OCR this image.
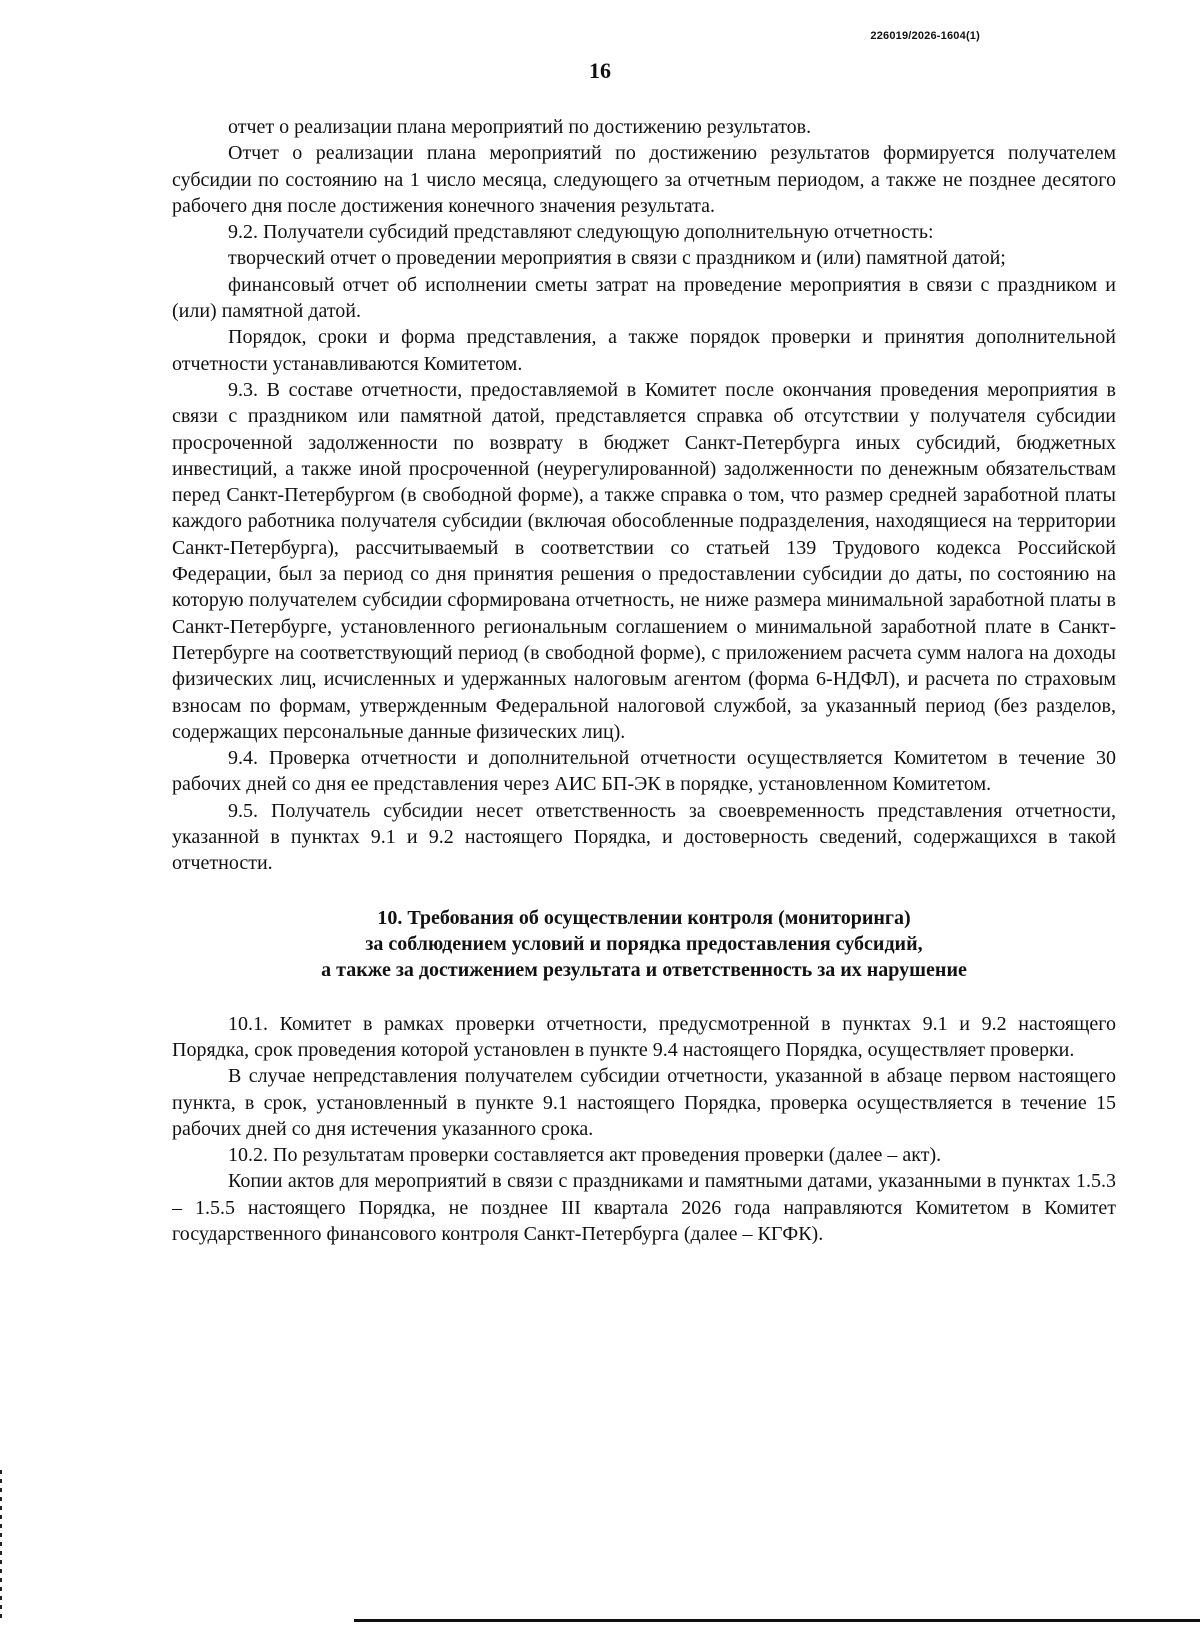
226019/2026-1604(1)
16

отчет о реализации плана мероприятий по достижению результатов.

Отчет о реализации плана мероприятий по достижению результатов формируется получателем субсидии по состоянию на 1 число месяца, следующего за отчетным периодом, а также не позднее десятого рабочего дня после достижения конечного значения результата.

9.2. Получатели субсидий представляют следующую дополнительную отчетность:

творческий отчет о проведении мероприятия в связи с праздником и (или) памятной датой;

финансовый отчет об исполнении сметы затрат на проведение мероприятия в связи с праздником и (или) памятной датой.

Порядок, сроки и форма представления, а также порядок проверки и принятия дополнительной отчетности устанавливаются Комитетом.

9.3. В составе отчетности, предоставляемой в Комитет после окончания проведения мероприятия в связи с праздником или памятной датой, представляется справка об отсутствии у получателя субсидии просроченной задолженности по возврату в бюджет Санкт-Петербурга иных субсидий, бюджетных инвестиций, а также иной просроченной (неурегулированной) задолженности по денежным обязательствам перед Санкт-Петербургом (в свободной форме), а также справка о том, что размер средней заработной платы каждого работника получателя субсидии (включая обособленные подразделения, находящиеся на территории Санкт-Петербурга), рассчитываемый в соответствии со статьей 139 Трудового кодекса Российской Федерации, был за период со дня принятия решения о предоставлении субсидии до даты, по состоянию на которую получателем субсидии сформирована отчетность, не ниже размера минимальной заработной платы в Санкт-Петербурге, установленного региональным соглашением о минимальной заработной плате в Санкт-Петербурге на соответствующий период (в свободной форме), с приложением расчета сумм налога на доходы физических лиц, исчисленных и удержанных налоговым агентом (форма 6-НДФЛ), и расчета по страховым взносам по формам, утвержденным Федеральной налоговой службой, за указанный период (без разделов, содержащих персональные данные физических лиц).

9.4. Проверка отчетности и дополнительной отчетности осуществляется Комитетом в течение 30 рабочих дней со дня ее представления через АИС БП-ЭК в порядке, установленном Комитетом.

9.5. Получатель субсидии несет ответственность за своевременность представления отчетности, указанной в пунктах 9.1 и 9.2 настоящего Порядка, и достоверность сведений, содержащихся в такой отчетности.

10. Требования об осуществлении контроля (мониторинга)
за соблюдением условий и порядка предоставления субсидий,
а также за достижением результата и ответственность за их нарушение

10.1. Комитет в рамках проверки отчетности, предусмотренной в пунктах 9.1 и 9.2 настоящего Порядка, срок проведения которой установлен в пункте 9.4 настоящего Порядка, осуществляет проверки.

В случае непредставления получателем субсидии отчетности, указанной в абзаце первом настоящего пункта, в срок, установленный в пункте 9.1 настоящего Порядка, проверка осуществляется в течение 15 рабочих дней со дня истечения указанного срока.

10.2. По результатам проверки составляется акт проведения проверки (далее – акт).

Копии актов для мероприятий в связи с праздниками и памятными датами, указанными в пунктах 1.5.3 – 1.5.5 настоящего Порядка, не позднее III квартала 2026 года направляются Комитетом в Комитет государственного финансового контроля Санкт-Петербурга (далее – КГФК).
